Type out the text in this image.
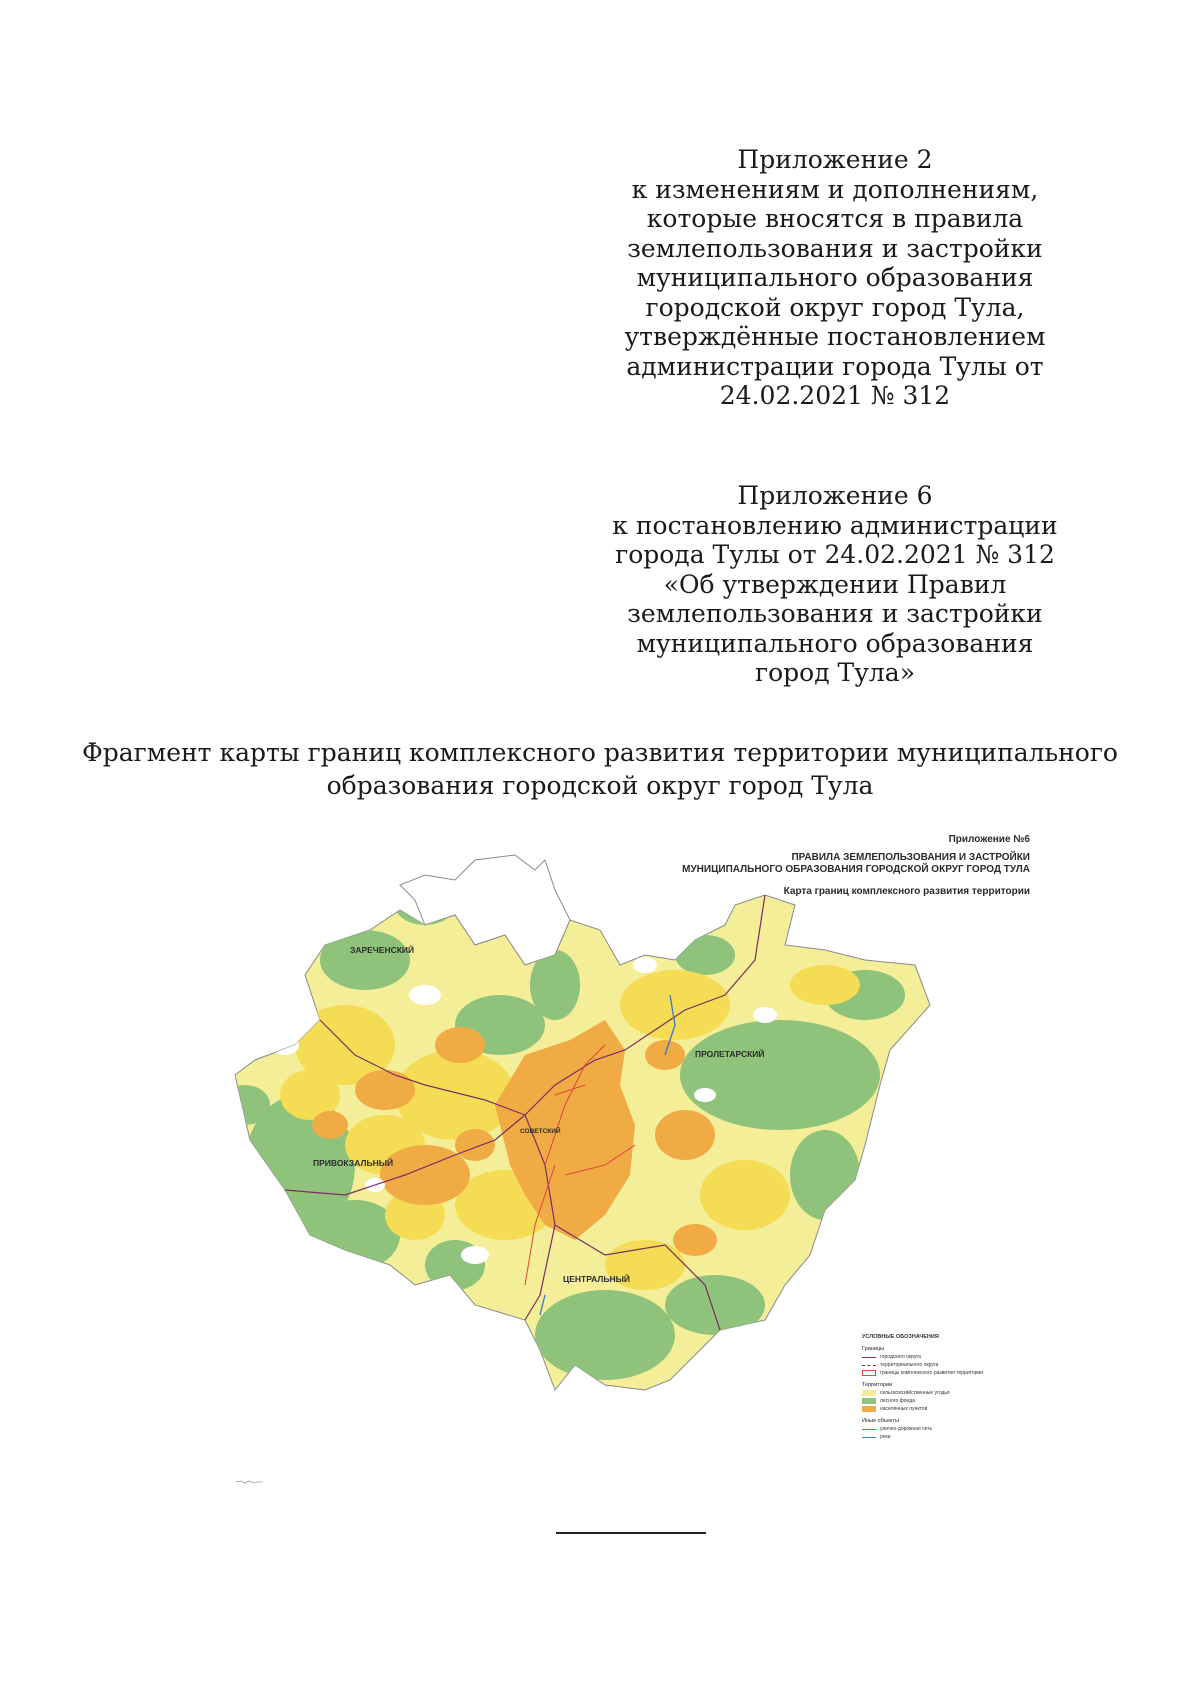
Приложение 2
к изменениям и дополнениям,
которые вносятся в правила
землепользования и застройки
муниципального образования
городской округ город Тула,
утверждённые постановлением
администрации города Тулы от
24.02.2021 № 312
Приложение 6
к постановлению администрации
города Тулы от 24.02.2021 № 312
«Об утверждении Правил
землепользования и застройки
муниципального образования
город Тула»
Фрагмент карты границ комплексного развития территории муниципального
образования городской округ город Тула
ЗАРЕЧЕНСКИЙ
ПРОЛЕТАРСКИЙ
СОВЕТСКИЙ
ПРИВОКЗАЛЬНЫЙ
ЦЕНТРАЛЬНЫЙ
Приложение №6
ПРАВИЛА ЗЕМЛЕПОЛЬЗОВАНИЯ И ЗАСТРОЙКИ
МУНИЦИПАЛЬНОГО ОБРАЗОВАНИЯ ГОРОДСКОЙ ОКРУГ ГОРОД ТУЛА
Карта границ комплексного развития территории
УСЛОВНЫЕ ОБОЗНАЧЕНИЯ
Границы
городского округа
территориального округа
границы комплексного развития территории
Территории
сельскохозяйственные угодья
лесного фонда
населённых пунктов
Иные объекты
улично-дорожная сеть
реки
